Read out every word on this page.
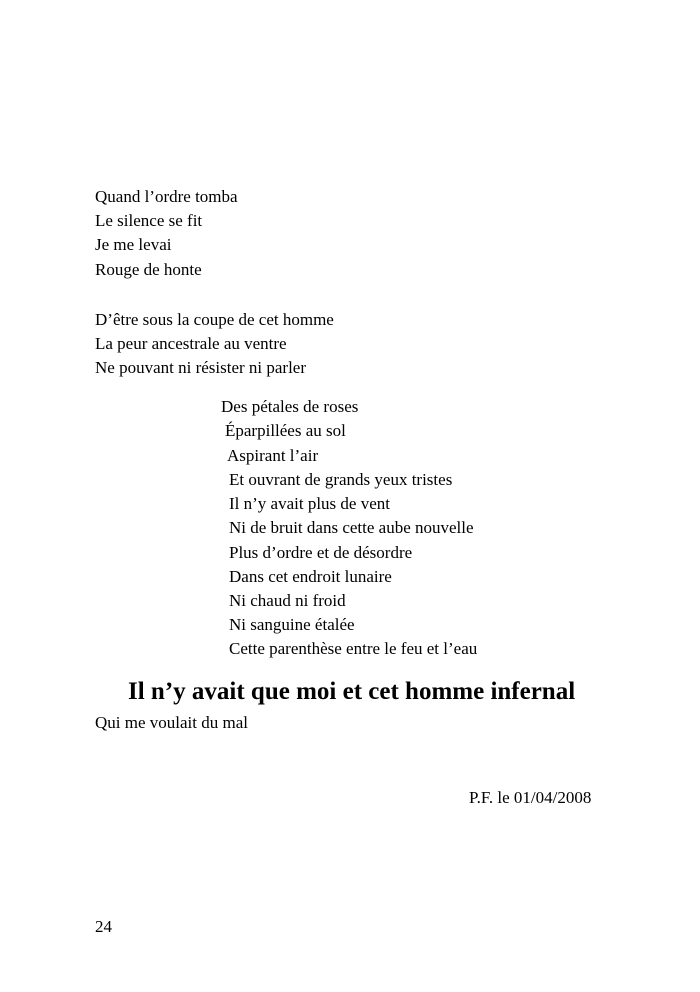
Quand l’ordre tomba
Le silence se fit
Je me levai
Rouge de honte
D’être sous la coupe de cet homme
La peur ancestrale au ventre
Ne pouvant ni résister ni parler
Des pétales de roses
Éparpillées au sol
Aspirant l’air
Et ouvrant de grands yeux tristes
Il n’y avait plus de vent
Ni de bruit dans cette aube nouvelle
Plus d’ordre et de désordre
Dans cet endroit lunaire
Ni chaud ni froid
Ni sanguine étalée
Cette parenthèse entre le feu et l’eau
Il n’y avait que moi et cet homme infernal
Qui me voulait du mal
P.F. le 01/04/2008
24
